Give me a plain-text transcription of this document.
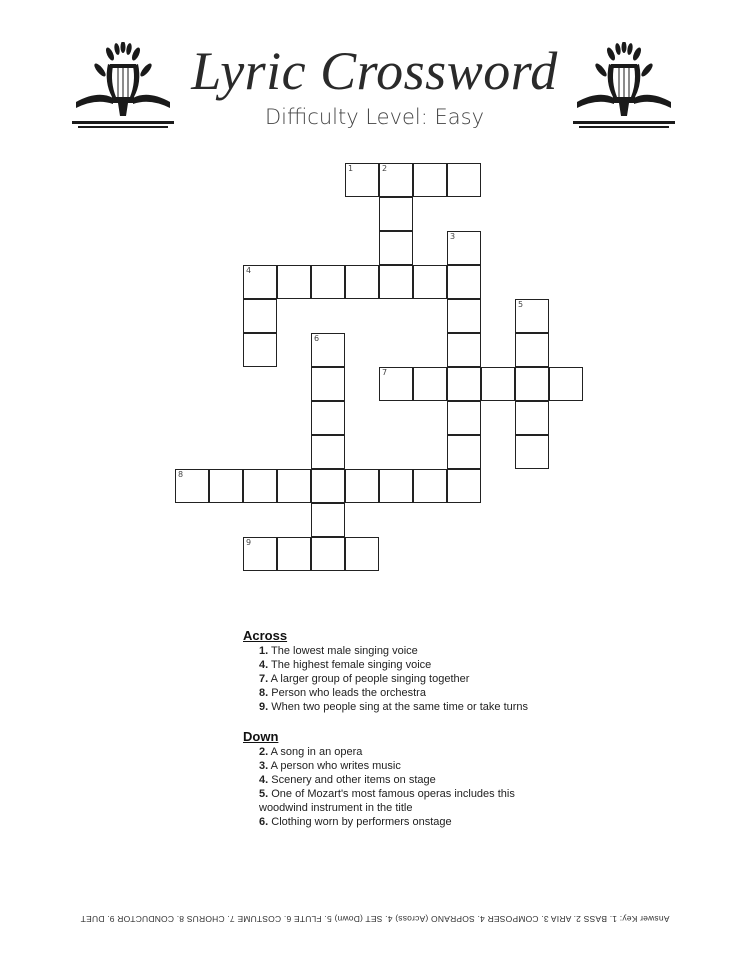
Lyric Crossword
Difficulty Level: Easy
1	2
3
4
5
6
7
8
9
Across
1. The lowest male singing voice
4. The highest female singing voice
7. A larger group of people singing together
8. Person who leads the orchestra
9. When two people sing at the same time or take turns
Down
2. A song in an opera
3. A person who writes music
4. Scenery and other items on stage
5. One of Mozart's most famous operas includes this
woodwind instrument in the title
6. Clothing worn by performers onstage
Answer Key: 1. BASS 2. ARIA 3. COMPOSER 4. SOPRANO (Across) 4. SET (Down) 5. FLUTE 6. COSTUME 7. CHORUS 8. CONDUCTOR 9. DUET
